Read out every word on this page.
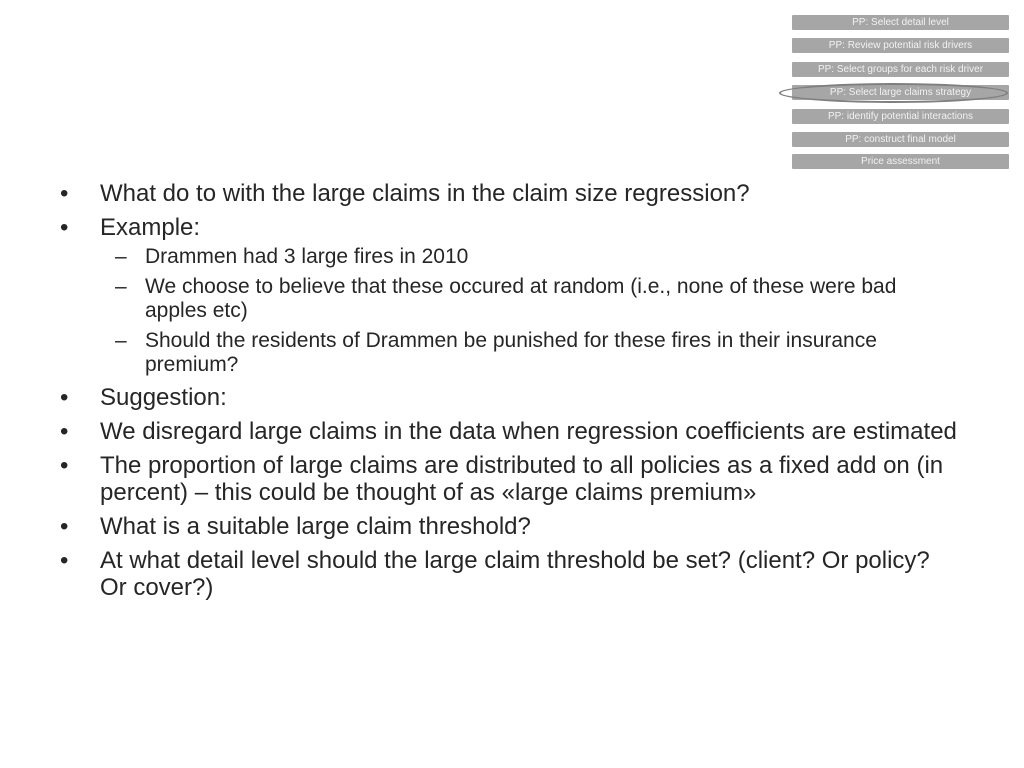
PP: Select detail level
PP: Review potential risk drivers
PP: Select groups for each risk driver
PP: Select large claims strategy
PP: identify potential interactions
PP: construct final model
Price assessment
•	What do to with the large claims in the claim size regression?
•	Example:
– Drammen had 3 large fires in 2010
– We choose to believe that these occured at random (i.e., none of these were bad apples etc)
– Should the residents of Drammen be punished for these fires in their insurance premium?
•	Suggestion:
•	We disregard large claims in the data when regression coefficients are estimated
•	The proportion of large claims are distributed to all policies as a fixed add on (in percent) – this could be thought of as «large claims premium»
•	What is a suitable large claim threshold?
•	At what detail level should the large claim threshold be set? (client? Or policy? Or cover?)
